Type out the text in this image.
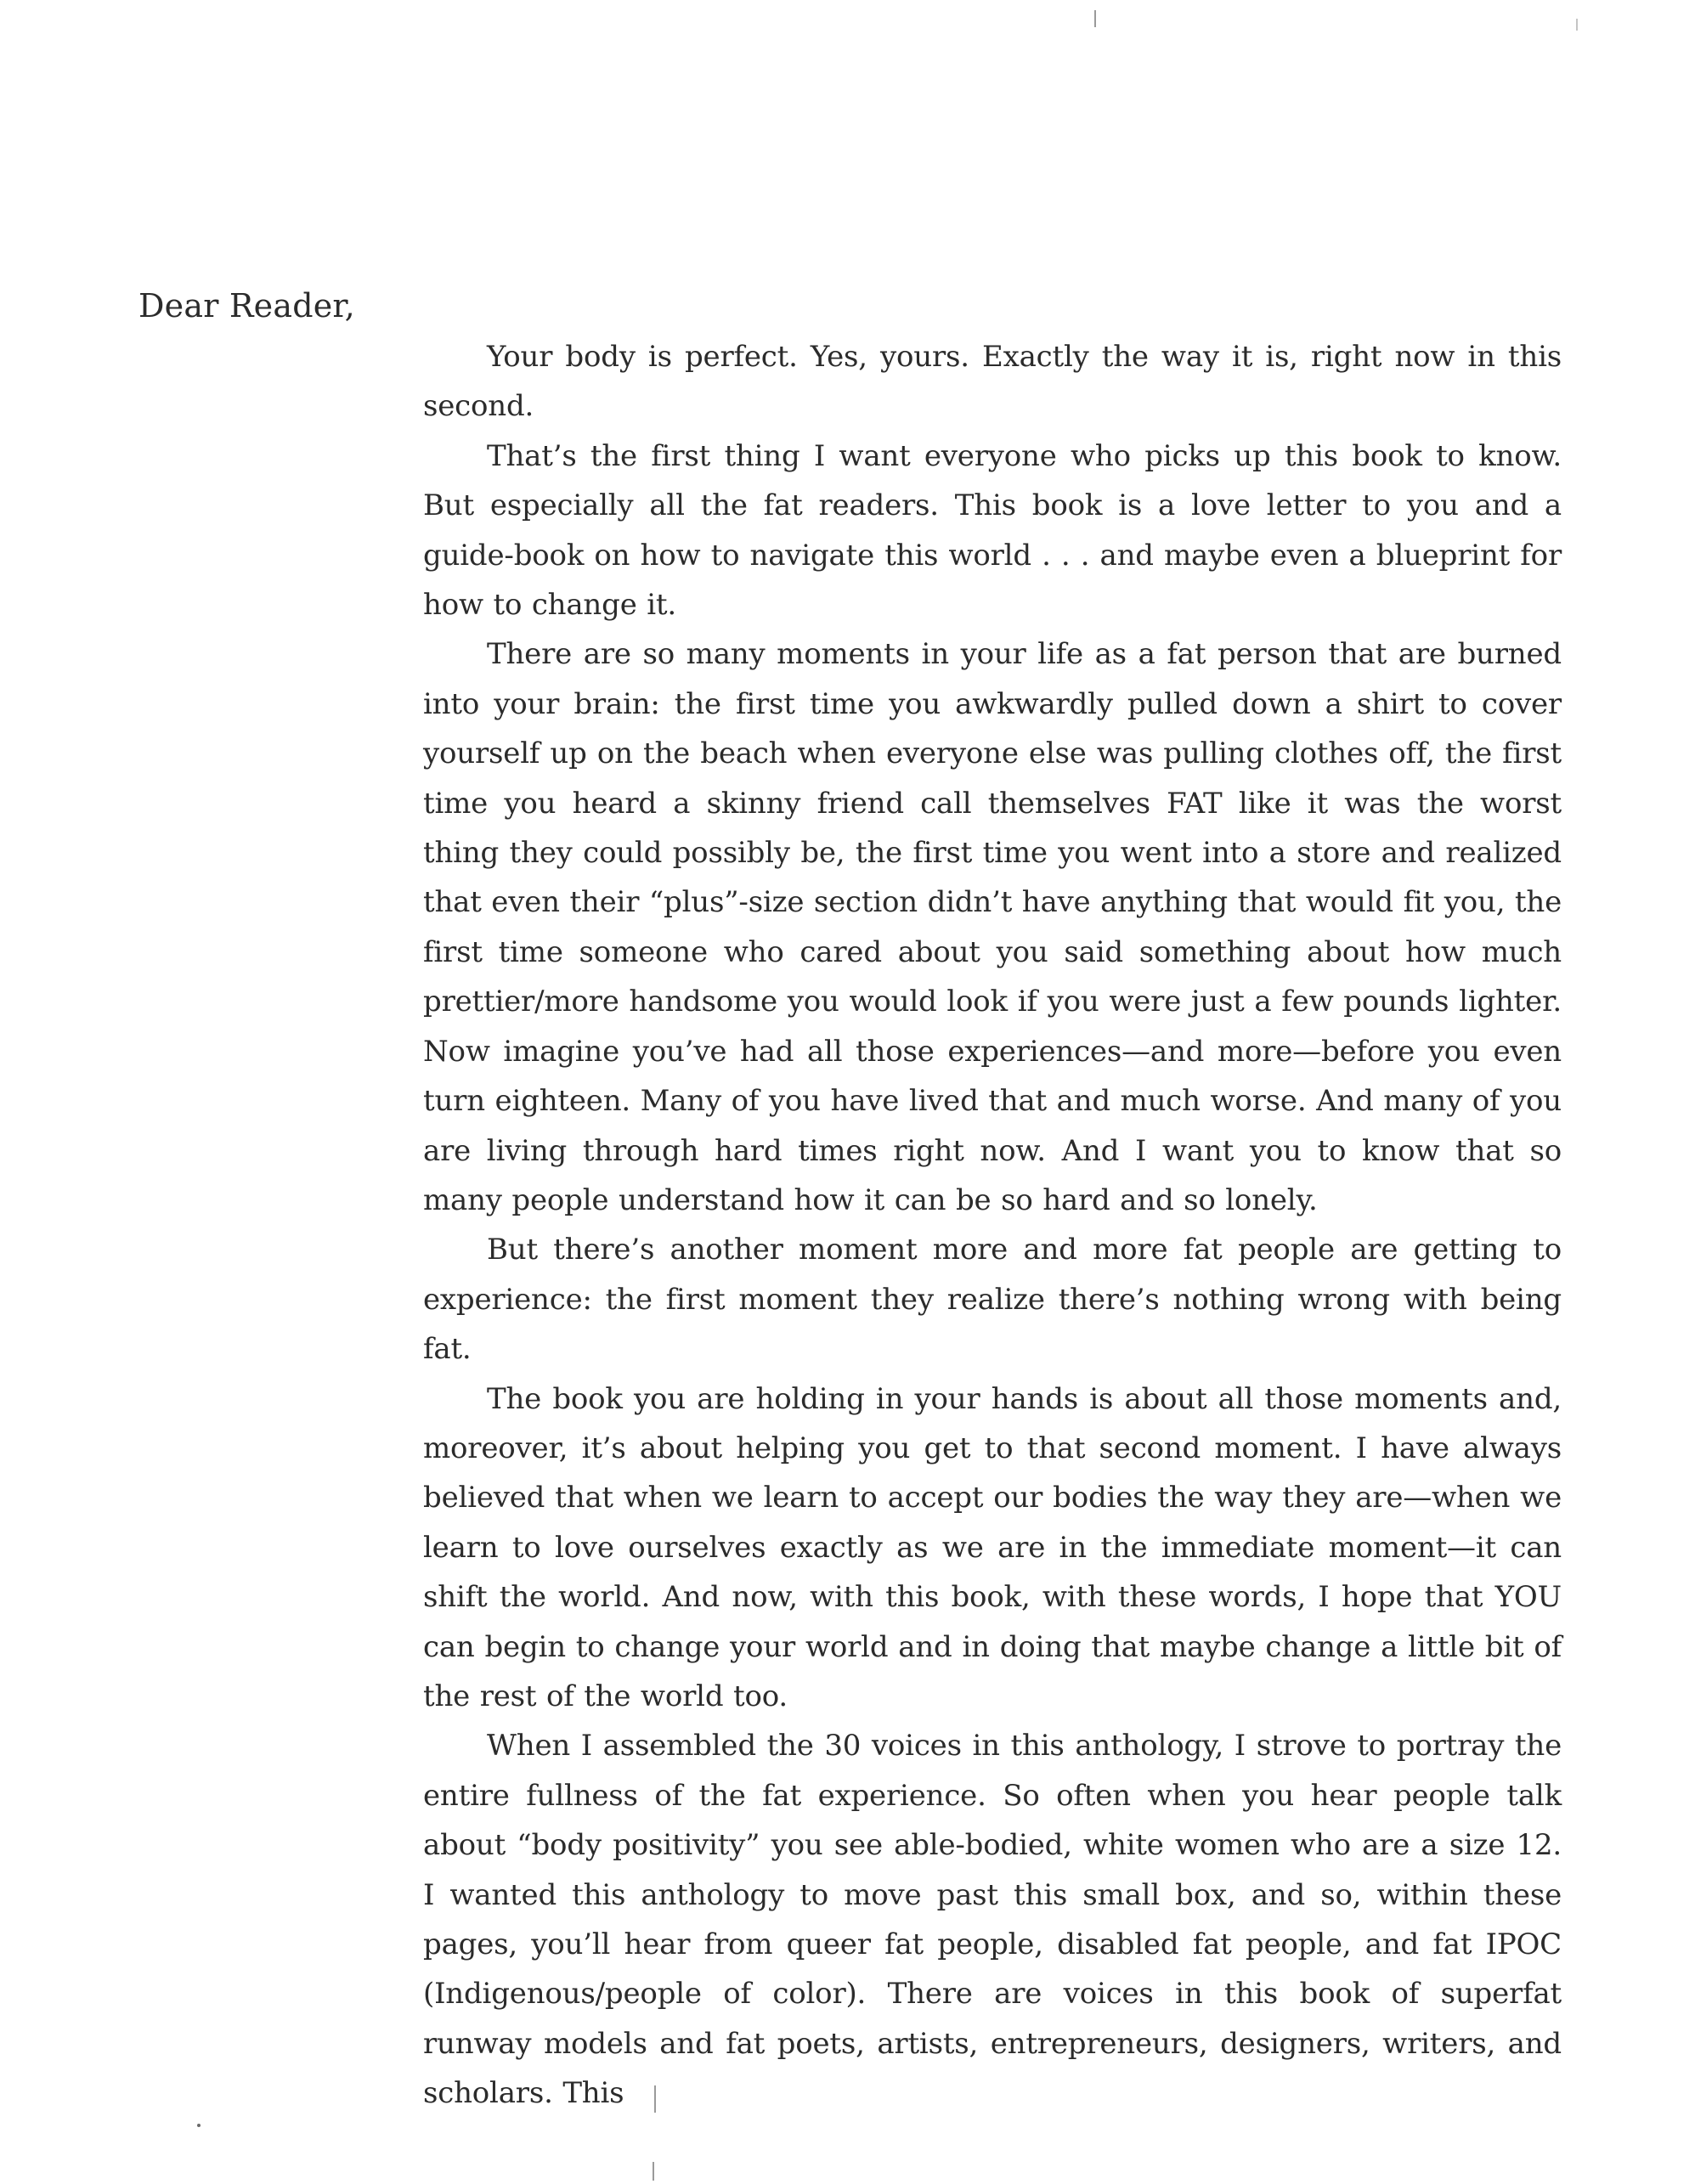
Dear Reader,

Your body is perfect. Yes, yours. Exactly the way it is, right now in this second.

That’s the first thing I want everyone who picks up this book to know. But especially all the fat readers. This book is a love letter to you and a guide-book on how to navigate this world . . . and maybe even a blueprint for how to change it.

There are so many moments in your life as a fat person that are burned into your brain: the first time you awkwardly pulled down a shirt to cover yourself up on the beach when everyone else was pulling clothes off, the first time you heard a skinny friend call themselves FAT like it was the worst thing they could possibly be, the first time you went into a store and realized that even their “plus”-size section didn’t have anything that would fit you, the first time someone who cared about you said something about how much prettier/more handsome you would look if you were just a few pounds lighter. Now imagine you’ve had all those experiences—and more—before you even turn eighteen. Many of you have lived that and much worse. And many of you are living through hard times right now. And I want you to know that so many people understand how it can be so hard and so lonely.

But there’s another moment more and more fat people are getting to experience: the first moment they realize there’s nothing wrong with being fat.

The book you are holding in your hands is about all those moments and, moreover, it’s about helping you get to that second moment. I have always believed that when we learn to accept our bodies the way they are—when we learn to love ourselves exactly as we are in the immediate moment—it can shift the world. And now, with this book, with these words, I hope that YOU can begin to change your world and in doing that maybe change a little bit of the rest of the world too.

When I assembled the 30 voices in this anthology, I strove to portray the entire fullness of the fat experience. So often when you hear people talk about “body positivity” you see able-bodied, white women who are a size 12. I wanted this anthology to move past this small box, and so, within these pages, you’ll hear from queer fat people, disabled fat people, and fat IPOC (Indigenous/people of color). There are voices in this book of superfat runway models and fat poets, artists, entrepreneurs, designers, writers, and scholars. This
